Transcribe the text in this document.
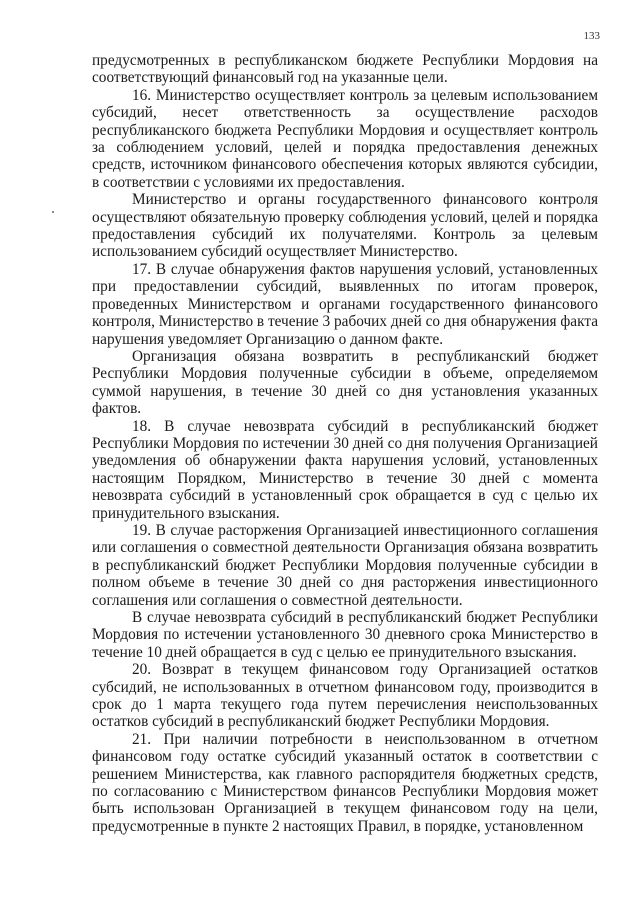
133

предусмотренных в республиканском бюджете Республики Мордовия на соответствующий финансовый год на указанные цели.

16. Министерство осуществляет контроль за целевым использованием субсидий, несет ответственность за осуществление расходов республиканского бюджета Республики Мордовия и осуществляет контроль за соблюдением условий, целей и порядка предоставления денежных средств, источником финансового обеспечения которых являются субсидии, в соответствии с условиями их предоставления.

Министерство и органы государственного финансового контроля осуществляют обязательную проверку соблюдения условий, целей и порядка предоставления субсидий их получателями. Контроль за целевым использованием субсидий осуществляет Министерство.

17. В случае обнаружения фактов нарушения условий, установленных при предоставлении субсидий, выявленных по итогам проверок, проведенных Министерством и органами государственного финансового контроля, Министерство в течение 3 рабочих дней со дня обнаружения факта нарушения уведомляет Организацию о данном факте.

Организация обязана возвратить в республиканский бюджет Республики Мордовия полученные субсидии в объеме, определяемом суммой нарушения, в течение 30 дней со дня установления указанных фактов.

18. В случае невозврата субсидий в республиканский бюджет Республики Мордовия по истечении 30 дней со дня получения Организацией уведомления об обнаружении факта нарушения условий, установленных настоящим Порядком, Министерство в течение 30 дней с момента невозврата субсидий в установленный срок обращается в суд с целью их принудительного взыскания.

19. В случае расторжения Организацией инвестиционного соглашения или соглашения о совместной деятельности Организация обязана возвратить в республиканский бюджет Республики Мордовия полученные субсидии в полном объеме в течение 30 дней со дня расторжения инвестиционного соглашения или соглашения о совместной деятельности.

В случае невозврата субсидий в республиканский бюджет Республики Мордовия по истечении установленного 30 дневного срока Министерство в течение 10 дней обращается в суд с целью ее принудительного взыскания.

20. Возврат в текущем финансовом году Организацией остатков субсидий, не использованных в отчетном финансовом году, производится в срок до 1 марта текущего года путем перечисления неиспользованных остатков субсидий в республиканский бюджет Республики Мордовия.

21. При наличии потребности в неиспользованном в отчетном финансовом году остатке субсидий указанный остаток в соответствии с решением Министерства, как главного распорядителя бюджетных средств, по согласованию с Министерством финансов Республики Мордовия может быть использован Организацией в текущем финансовом году на цели, предусмотренные в пункте 2 настоящих Правил, в порядке, установленном
